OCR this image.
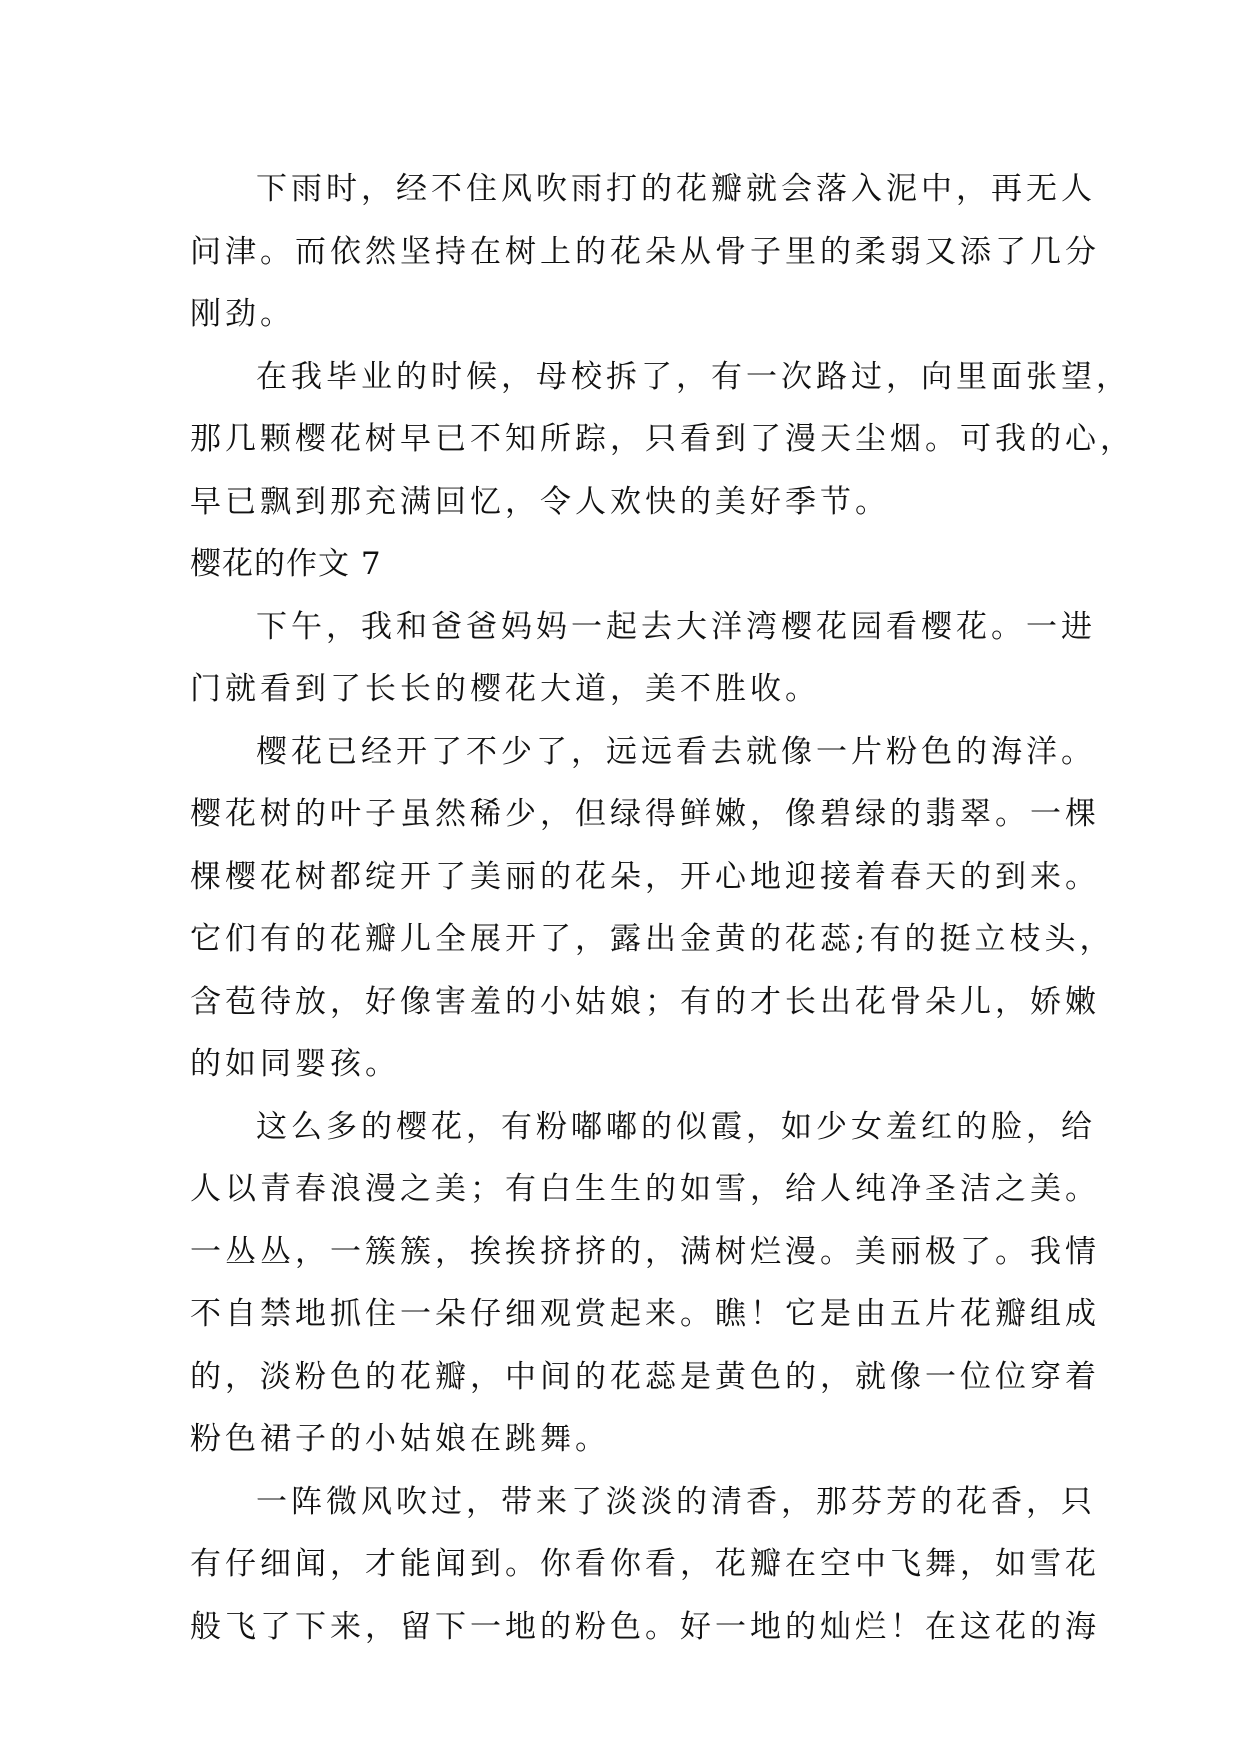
下雨时，经不住风吹雨打的花瓣就会落入泥中，再无人
问津。而依然坚持在树上的花朵从骨子里的柔弱又添了几分
刚劲。
在我毕业的时候，母校拆了，有一次路过，向里面张望，
那几颗樱花树早已不知所踪，只看到了漫天尘烟。可我的心，
早已飘到那充满回忆，令人欢快的美好季节。
樱花的作文 7
下午，我和爸爸妈妈一起去大洋湾樱花园看樱花。一进
门就看到了长长的樱花大道，美不胜收。
樱花已经开了不少了，远远看去就像一片粉色的海洋。
樱花树的叶子虽然稀少，但绿得鲜嫩，像碧绿的翡翠。一棵
棵樱花树都绽开了美丽的花朵，开心地迎接着春天的到来。
它们有的花瓣儿全展开了，露出金黄的花蕊;有的挺立枝头，
含苞待放，好像害羞的小姑娘；有的才长出花骨朵儿，娇嫩
的如同婴孩。
这么多的樱花，有粉嘟嘟的似霞，如少女羞红的脸，给
人以青春浪漫之美；有白生生的如雪，给人纯净圣洁之美。
一丛丛，一簇簇，挨挨挤挤的，满树烂漫。美丽极了。我情
不自禁地抓住一朵仔细观赏起来。瞧！它是由五片花瓣组成
的，淡粉色的花瓣，中间的花蕊是黄色的，就像一位位穿着
粉色裙子的小姑娘在跳舞。
一阵微风吹过，带来了淡淡的清香，那芬芳的花香，只
有仔细闻，才能闻到。你看你看，花瓣在空中飞舞，如雪花
般飞了下来，留下一地的粉色。好一地的灿烂！在这花的海
